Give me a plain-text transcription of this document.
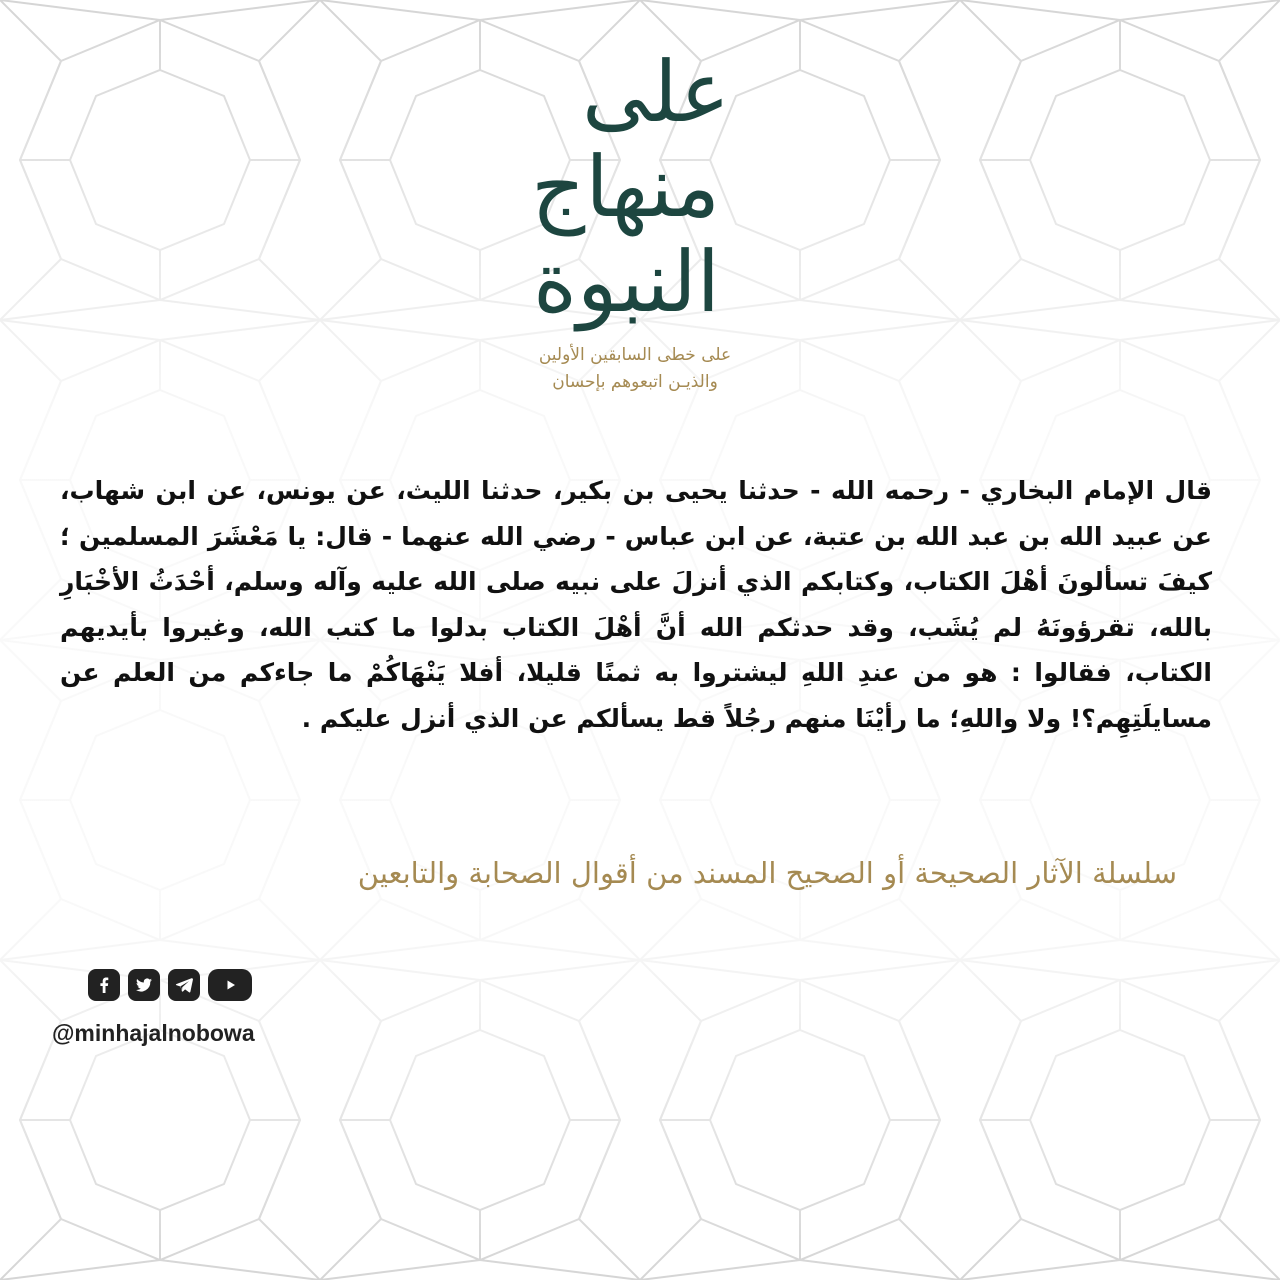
على
منهاج
النبوة
على خطى السابقين الأولين
والذيـن اتبعوهم بإحسان

قال الإمام البخاري - رحمه الله - حدثنا يحيى بن بكير، حدثنا الليث، عن يونس، عن ابن شهاب، عن عبيد الله بن عبد الله بن عتبة، عن ابن عباس - رضي الله عنهما - قال: يا مَعْشَرَ المسلمين ؛ كيفَ تسألونَ أهْلَ الكتاب، وكتابكم الذي أنزلَ على نبيه صلى الله عليه وآله وسلم، أحْدَثُ الأخْبَارِ بالله، تقرؤونَهُ لم يُشَب، وقد حدثكم الله أنَّ أهْلَ الكتاب بدلوا ما كتب الله، وغيروا بأيديهم الكتاب، فقالوا : هو من عندِ اللهِ ليشتروا به ثمنًا قليلا، أفلا يَنْهَاكُمْ ما جاءكم من العلم عن مسايلَتِهِم؟! ولا واللهِ؛ ما رأيْنَا منهم رجُلاً قط يسألكم عن الذي أنزل عليكم .

سلسلة الآثار الصحيحة أو الصحيح المسند من أقوال الصحابة والتابعين
@minhajalnobowa
